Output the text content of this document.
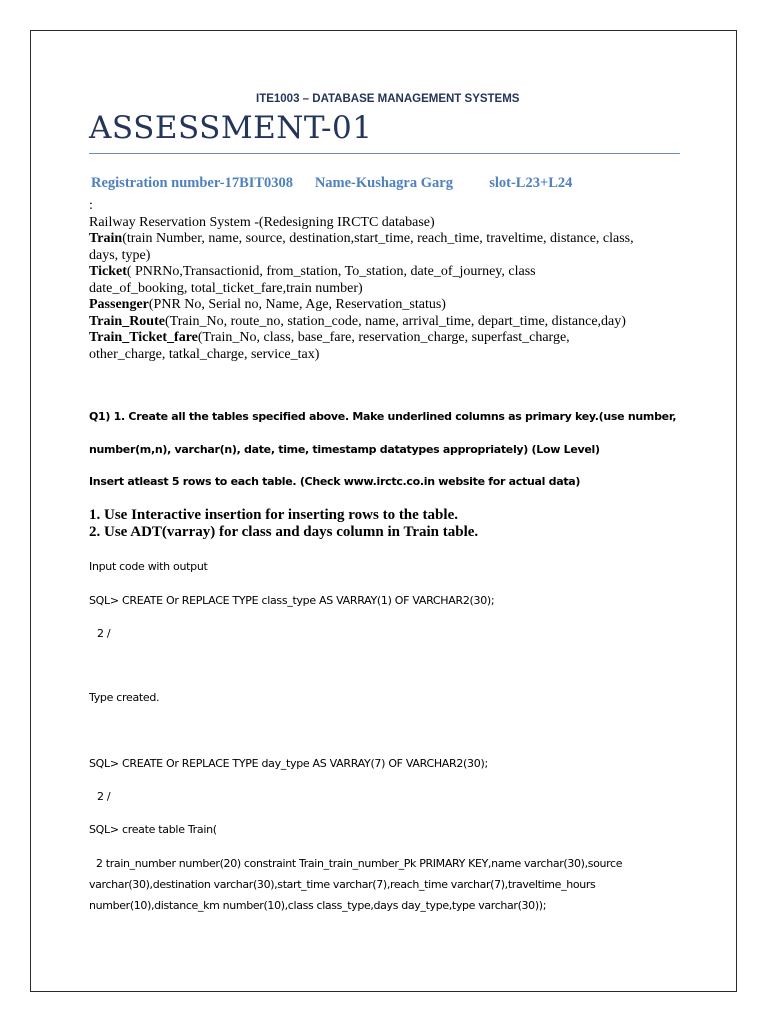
ITE1003 – DATABASE MANAGEMENT SYSTEMS
ASSESSMENT-01
Registration number-17BIT0308 Name-Kushagra Garg	slot-L23+L24

:

Railway Reservation System -(Redesigning IRCTC database)

Train(train Number, name, source, destination,start_time, reach_time, traveltime, distance, class,

days, type)

Ticket( PNRNo,Transactionid, from_station, To_station, date_of_journey, class

date_of_booking, total_ticket_fare,train number)

Passenger(PNR No, Serial no, Name, Age, Reservation_status)

Train_Route(Train_No, route_no, station_code, name, arrival_time, depart_time, distance,day)

Train_Ticket_fare(Train_No, class, base_fare, reservation_charge, superfast_charge,

other_charge, tatkal_charge, service_tax)

Q1) 1. Create all the tables specified above. Make underlined columns as primary key.(use number,
number(m,n), varchar(n), date, time, timestamp datatypes appropriately) (Low Level)
Insert atleast 5 rows to each table. (Check www.irctc.co.in website for actual data)

1. Use Interactive insertion for inserting rows to the table.

2. Use ADT(varray) for class and days column in Train table.

Input code with output
SQL> CREATE Or REPLACE TYPE class_type AS VARRAY(1) OF VARCHAR2(30);
2 /
Type created.
SQL> CREATE Or REPLACE TYPE day_type AS VARRAY(7) OF VARCHAR2(30);
2 /
SQL> create table Train(

2 train_number number(20) constraint Train_train_number_Pk PRIMARY KEY,name varchar(30),source

varchar(30),destination varchar(30),start_time varchar(7),reach_time varchar(7),traveltime_hours

number(10),distance_km number(10),class class_type,days day_type,type varchar(30));
